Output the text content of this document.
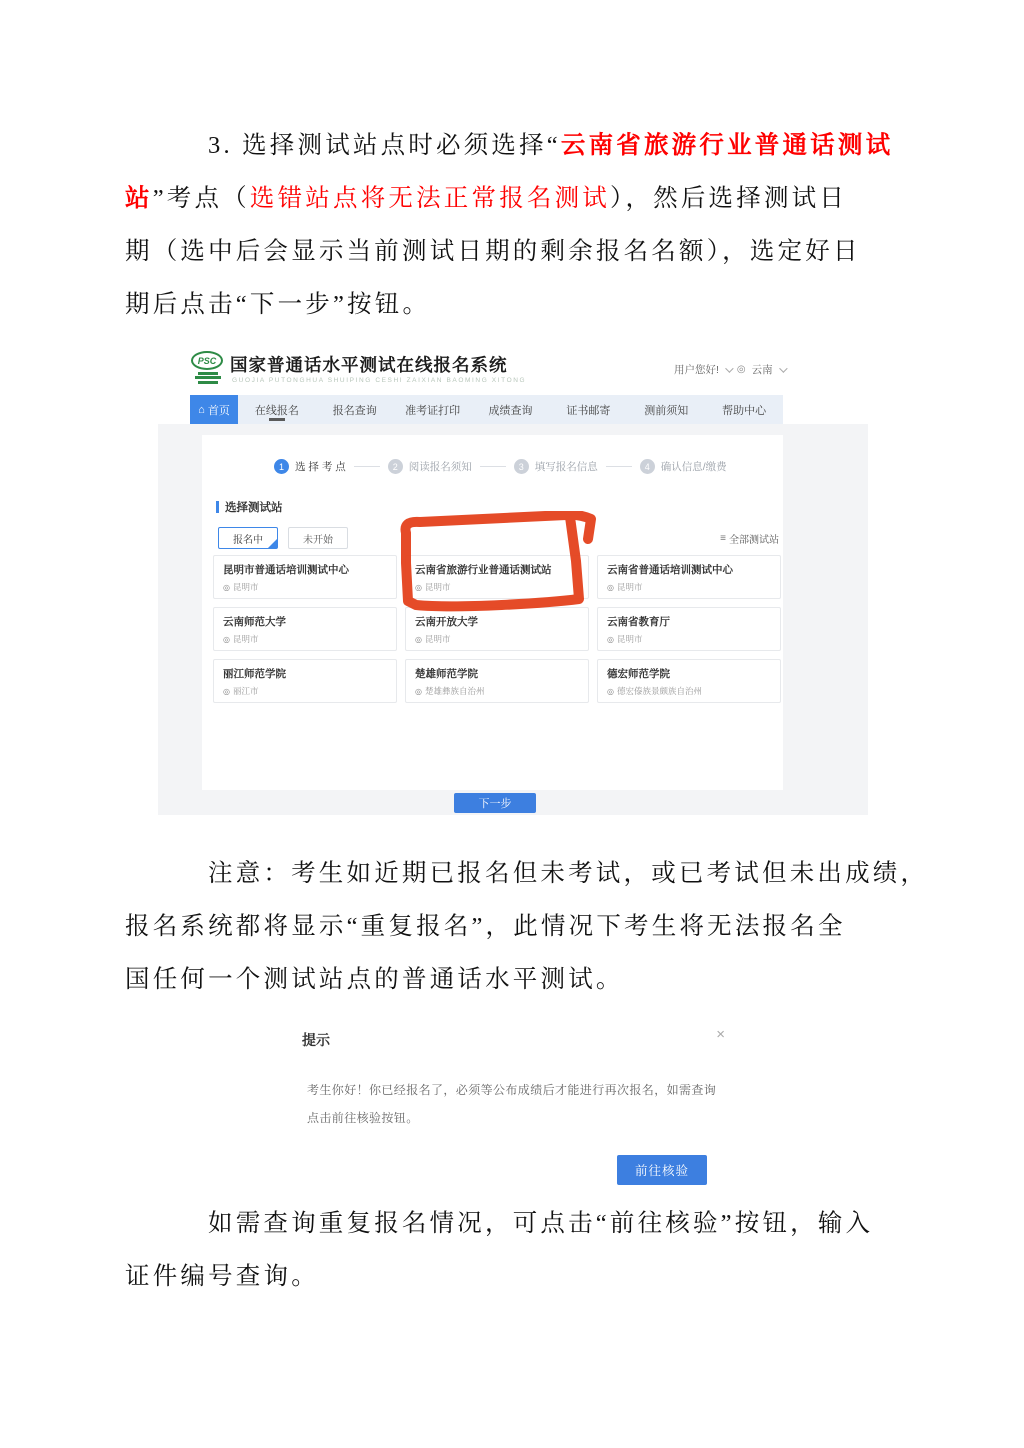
3. 选择测试站点时必须选择“云南省旅游行业普通话测试
站”考点（选错站点将无法正常报名测试），然后选择测试日
期（选中后会显示当前测试日期的剩余报名名额），选定好日
期后点击“下一步”按钮。
PSC 国家普通话水平测试在线报名系统
GUOJIA PUTONGHUA SHUIPING CESHI ZAIXIAN BAOMING XITONG
用户您好! ◎ 云南
⌂ 首页	在线报名	报名查询	准考证打印	成绩查询	证书邮寄	测前须知	帮助中心
1	选 择 考 点	2	阅读报名须知	3	填写报名信息	4	确认信息/缴费
选择测试站
报名中	未开始	≡ 全部测试站
昆明市普通话培训测试中心
◎ 昆明市
云南省旅游行业普通话测试站
◎ 昆明市
云南省普通话培训测试中心
◎ 昆明市
云南师范大学
◎ 昆明市
云南开放大学
◎ 昆明市
云南省教育厅
◎ 昆明市
丽江师范学院
◎ 丽江市
楚雄师范学院
◎ 楚雄彝族自治州
德宏师范学院
◎ 德宏傣族景颇族自治州
下一步
注意：考生如近期已报名但未考试，或已考试但未出成绩，
报名系统都将显示“重复报名”，此情况下考生将无法报名全
国任何一个测试站点的普通话水平测试。
提示	×
考生你好！你已经报名了，必须等公布成绩后才能进行再次报名，如需查询
点击前往核验按钮。
前往核验
如需查询重复报名情况，可点击“前往核验”按钮，输入
证件编号查询。
